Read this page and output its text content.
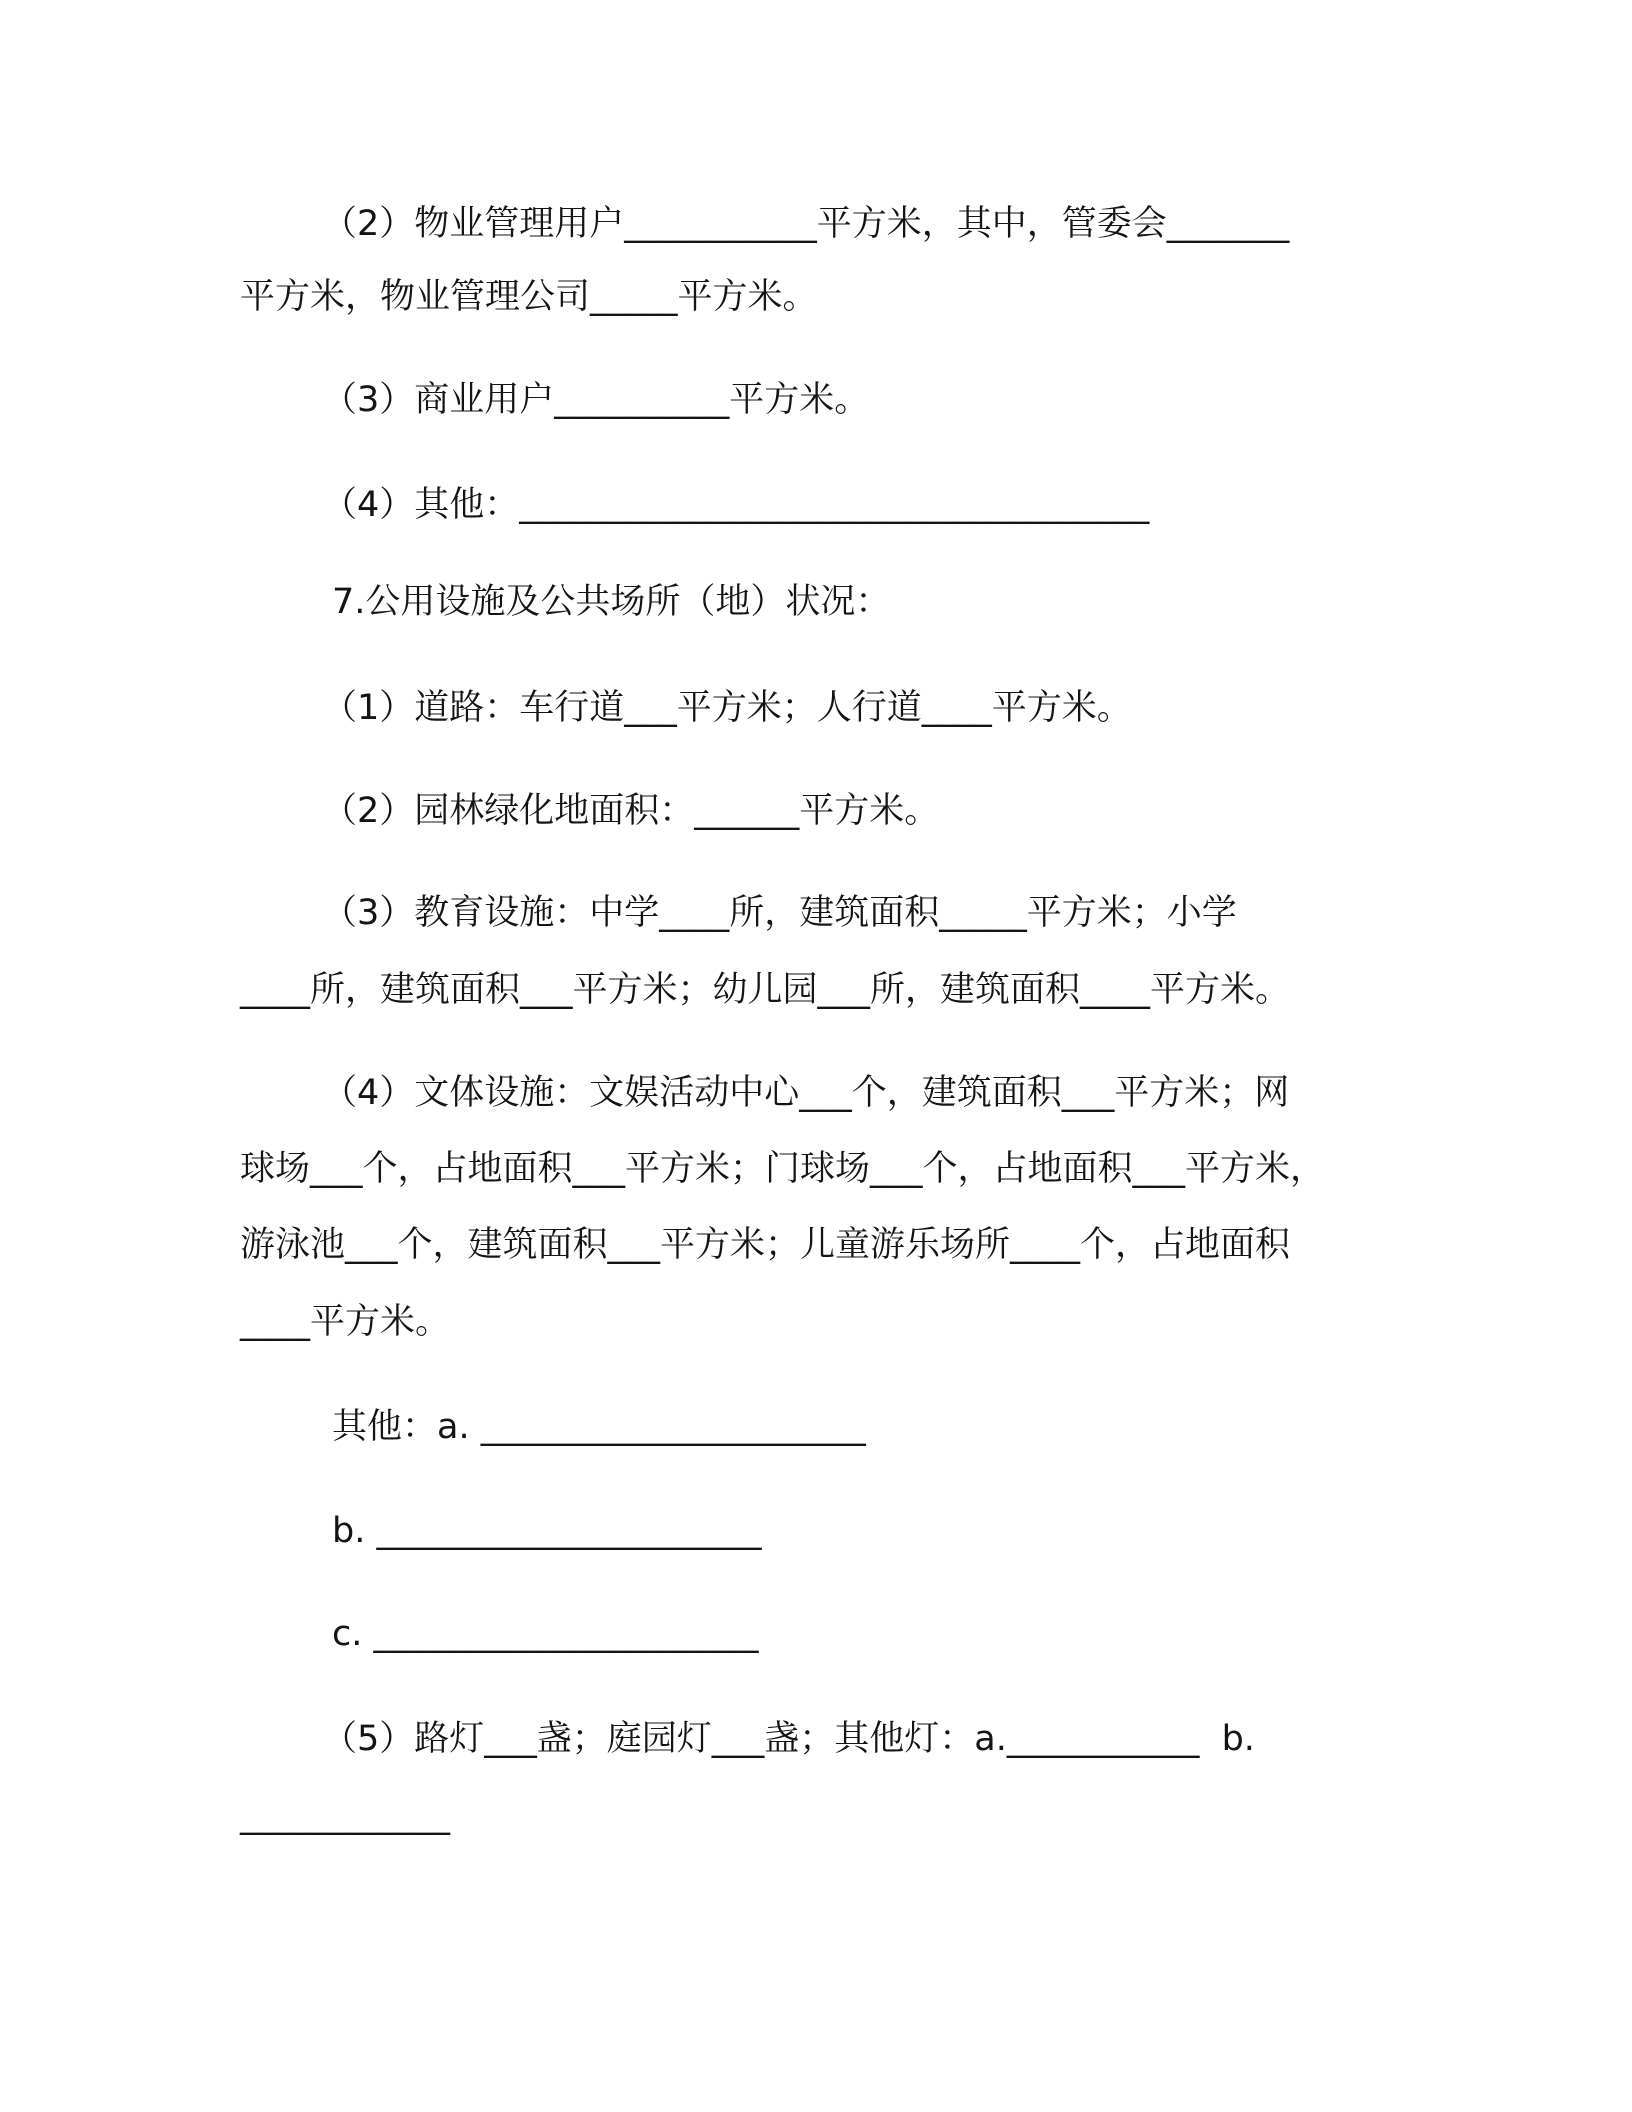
（2）物业管理用户___________平方米，其中，管委会_______

平方米，物业管理公司_____平方米。

（3）商业用户__________平方米。

（4）其他：____________________________________

7.公用设施及公共场所（地）状况：

（1）道路：车行道___平方米；人行道____平方米。

（2）园林绿化地面积：______平方米。

（3）教育设施：中学____所，建筑面积_____平方米；小学

____所，建筑面积___平方米；幼儿园___所，建筑面积____平方米。

（4）文体设施：文娱活动中心___个，建筑面积___平方米；网

球场___个，占地面积___平方米；门球场___个，占地面积___平方米，

游泳池___个，建筑面积___平方米；儿童游乐场所____个，占地面积

____平方米。

其他：a. ______________________

b. ______________________

c. ______________________

（5）路灯___盏；庭园灯___盏；其他灯：a.___________  b.

____________
